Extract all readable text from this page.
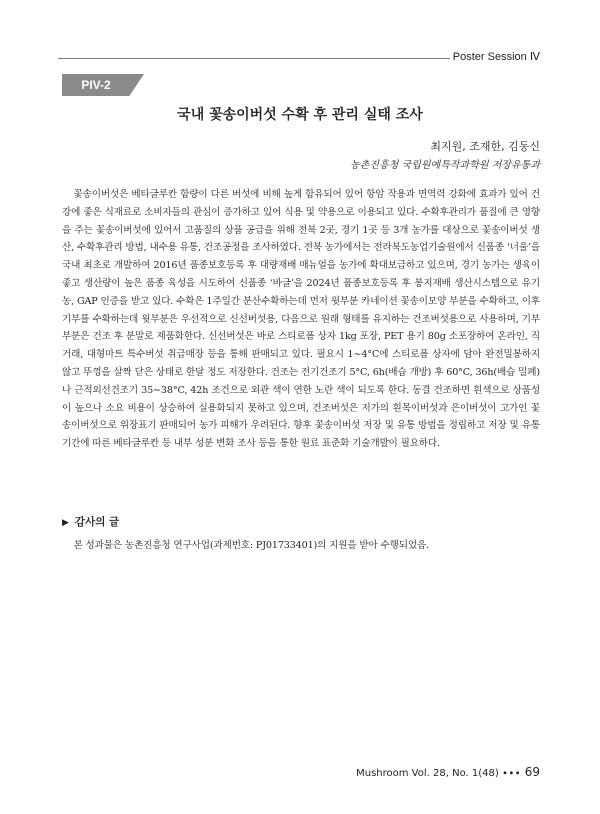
Poster Session Ⅳ
PIV-2
국내 꽃송이버섯 수확 후 관리 실태 조사
최지원, 조재한, 김동신
농촌진흥청 국립원예특작과학원 저장유통과

꽃송이버섯은 베타글루칸 함량이 다른 버섯에 비해 높게 함유되어 있어 항암 작용과 면역력 강화에 효과가 있어 건강에 좋은 식재료로 소비자들의 관심이 증가하고 있어 식용 및 약용으로 이용되고 있다. 수확후관리가 품질에 큰 영향을 주는 꽃송이버섯에 있어서 고품질의 상품 공급을 위해 전북 2곳, 경기 1곳 등 3개 농가를 대상으로 꽃송이버섯 생산, 수확후관리 방법, 내수용 유통, 건조공정을 조사하였다. 전북 농가에서는 전라북도농업기술원에서 신품종 ‘너울’을 국내 최초로 개발하여 2016년 품종보호등록 후 대량재배 매뉴얼을 농가에 확대보급하고 있으며, 경기 농가는 생육이 좋고 생산량이 높은 품종 육성을 시도하여 신품종 ‘바글’을 2024년 품종보호등록 후 봉지재배 생산시스템으로 유기농, GAP 인증을 받고 있다. 수확은 1주일간 분산수확하는데 먼저 윗부분 카네이션 꽃송이모양 부분을 수확하고, 이후 기부를 수확하는데 윗부분은 우선적으로 신선버섯용, 다음으로 원래 형태를 유지하는 건조버섯용으로 사용하며, 기부 부분은 건조 후 분말로 제품화한다. 신선버섯은 바로 스티로폼 상자 1kg 포장, PET 용기 80g 소포장하여 온라인, 직거래, 대형마트 특수버섯 취급매장 등을 통해 판매되고 있다. 필요시 1∼4°C에 스티로폼 상자에 담아 완전밀봉하지 않고 뚜껑을 살짝 닫은 상태로 한달 정도 저장한다. 건조는 전기건조기 5°C, 6h(배습 개방) 후 60°C, 36h(배습 밀폐)나 근적외선건조기 35∼38°C, 42h 조건으로 외관 색이 연한 노란 색이 되도록 한다. 동결 건조하면 흰색으로 상품성이 높으나 소요 비용이 상승하여 실용화되지 못하고 있으며, 건조버섯은 저가의 흰목이버섯과 은이버섯이 고가인 꽃송이버섯으로 위장표기 판매되어 농가 피해가 우려된다. 향후 꽃송이버섯 저장 및 유통 방법을 정립하고 저장 및 유통기간에 따른 베타글루칸 등 내부 성분 변화 조사 등을 통한 원료 표준화 기술개발이 필요하다.

▶ 감사의 글
본 성과물은 농촌진흥청 연구사업(과제번호: PJ01733401)의 지원을 받아 수행되었음.
Mushroom Vol. 28, No. 1(48) ∙∙∙ 69
